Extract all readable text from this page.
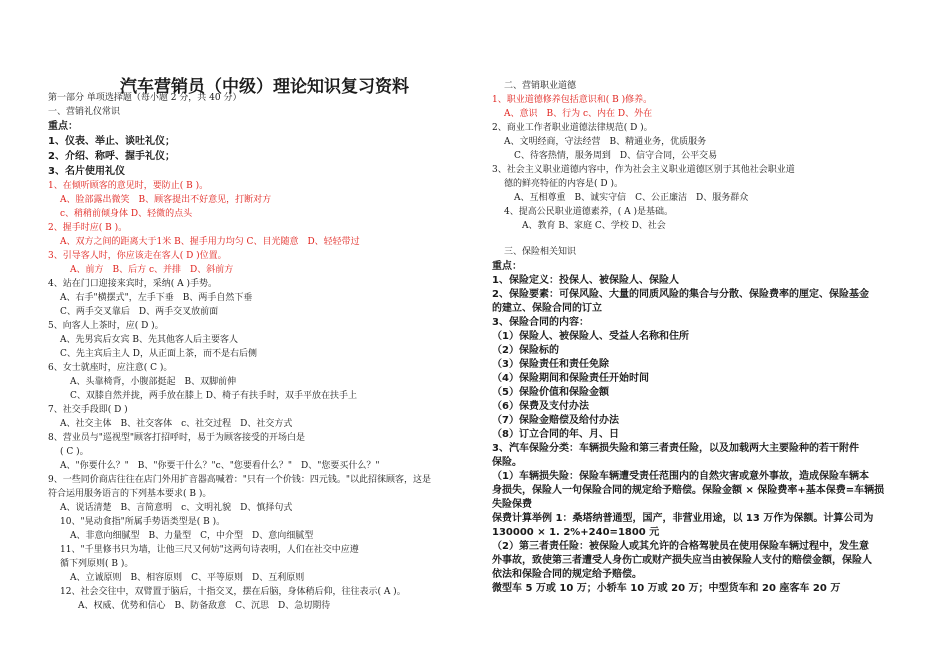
汽车营销员（中级）理论知识复习资料
第一部分 单项选择题（每小题 2 分，共 40 分）
一、营销礼仪常识
重点：
1、仪表、举止、谈吐礼仪；
2、介绍、称呼、握手礼仪；
3、名片使用礼仪
1、在倾听顾客的意见时，要防止( B )。
A、脸部露出微笑　B、顾客提出不好意见，打断对方
c、稍稍前倾身体 D、轻微的点头
2、握手时应( B )。
A、双方之间的距离大于1米 B、握手用力均匀 C、目光随意　D、轻轻带过
3、引导客人时，你应该走在客人( D )位置。
A、前方　B、后方 c、并排　D、斜前方
4、站在门口迎接来宾时，采纳( A )手势。
A、右手"横摆式"，左手下垂　B、两手自然下垂
C、两手交叉靠后　D、两手交叉放前面
5、向客人上茶时，应( D )。
A、先男宾后女宾 B、先其他客人后主要客人
C、先主宾后主人 D，从正面上茶，而不是右后侧
6、女士就座时，应注意( C )。
A、头靠椅背，小腹部挺起　B、双脚前伸
C、双膝自然并拢，两手放在膝上 D、椅子有扶手时，双手平放在扶手上
7、社交手段即( D )
A、社交主体　B、社交客体　c、社交过程　D、社交方式
8、营业员与"巡视型"顾客打招呼时，易于为顾客接受的开场白是
( C )。
A、"你要什么？"　B、"你要干什么？"c、"您要看什么？"　D、"您要买什么？"
9、一些同价商店往往在店门外用扩音器高喊着："只有一个价钱：四元钱。"以此招徕顾客，这是
符合运用服务语言的下列基本要求( B )。
A、说话清楚　B、言简意明　c、文明礼貌　D、慎择句式
10、"晃动食指"所属手势语类型是( B )。
A、非意向细腻型　B、力量型　C，中介型　D、意向细腻型
11、"千里修书只为墙，让他三尺又何妨"这两句诗表明，人们在社交中应遵
循下列原则( B )。
A、立诚原则　B、相容原则　C、平等原则　D、互利原则
12、社会交往中，双臂置于脑后，十指交叉，摆在后脑，身体稍后仰，往往表示( A )。
A、权威、优势和信心　B、防备敌意　C、沉思　D、急切期待
二、营销职业道德
1、职业道德修养包括意识和( B )修养。
A、意识　B、行为 c、内在 D、外在
2、商业工作者职业道德法律规范( D )。
A、文明经商，守法经营　B、精通业务，优质服务
C、待客热情，服务周到　D、信守合同，公平交易
3、社会主义职业道德内容中，作为社会主义职业道德区别于其他社会职业道
德的鲜亮特征的内容是( D )。
A、互相尊重　B、诚实守信　C、公正廉洁　D、服务群众
4、提高公民职业道德素养，( A )是基础。
A、教育 B、家庭 C、学校 D、社会
三、保险相关知识
重点：
1、保险定义：投保人、被保险人、保险人
2、保险要素：可保风险、大量的同质风险的集合与分散、保险费率的厘定、保险基金
的建立、保险合同的订立
3、保险合同的内容：
（1）保险人、被保险人、受益人名称和住所
（2）保险标的
（3）保险责任和责任免除
（4）保险期间和保险责任开始时间
（5）保险价值和保险金额
（6）保费及支付办法
（7）保险金赔偿及给付办法
（8）订立合同的年、月、日
3、汽车保险分类：车辆损失险和第三者责任险，以及加载两大主要险种的若干附件
保险。
（1）车辆损失险：保险车辆遭受责任范围内的自然灾害或意外事故，造成保险车辆本
身损失，保险人一句保险合同的规定给予赔偿。保险金额 × 保险费率+基本保费=车辆损
失险保费
保费计算举例 1：桑塔纳普通型，国产，非营业用途，以 13 万作为保额。计算公司为
130000 × 1. 2%+240=1800 元
（2）第三者责任险：被保险人或其允许的合格驾驶员在使用保险车辆过程中，发生意
外事故，致使第三者遭受人身伤亡或财产损失应当由被保险人支付的赔偿金额，保险人
依法和保险合同的规定给予赔偿。
微型车 5 万或 10 万；小轿车 10 万或 20 万；中型货车和 20 座客车 20 万
